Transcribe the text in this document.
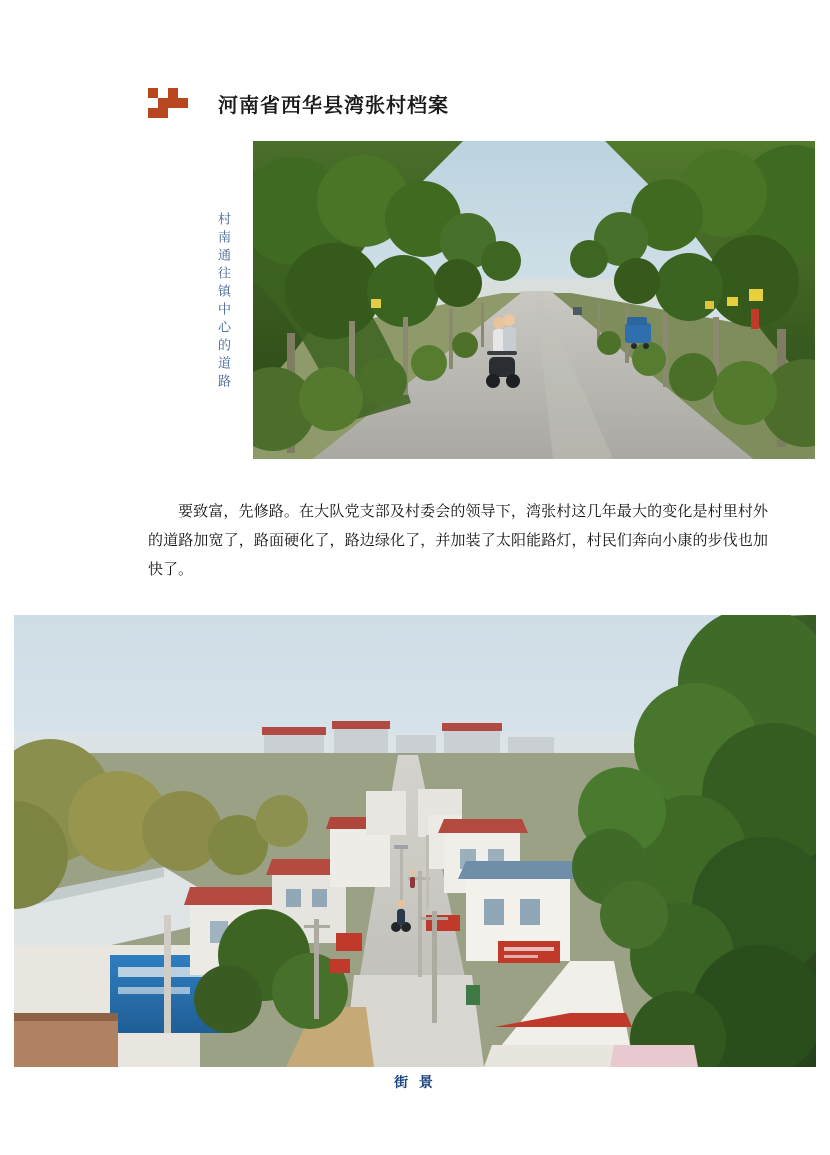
河南省西华县湾张村档案
村南通往镇中心的道路

要致富，先修路。在大队党支部及村委会的领导下，湾张村这几年最大的变化是村里村外的道路加宽了，路面硬化了，路边绿化了，并加装了太阳能路灯，村民们奔向小康的步伐也加快了。

街 景
